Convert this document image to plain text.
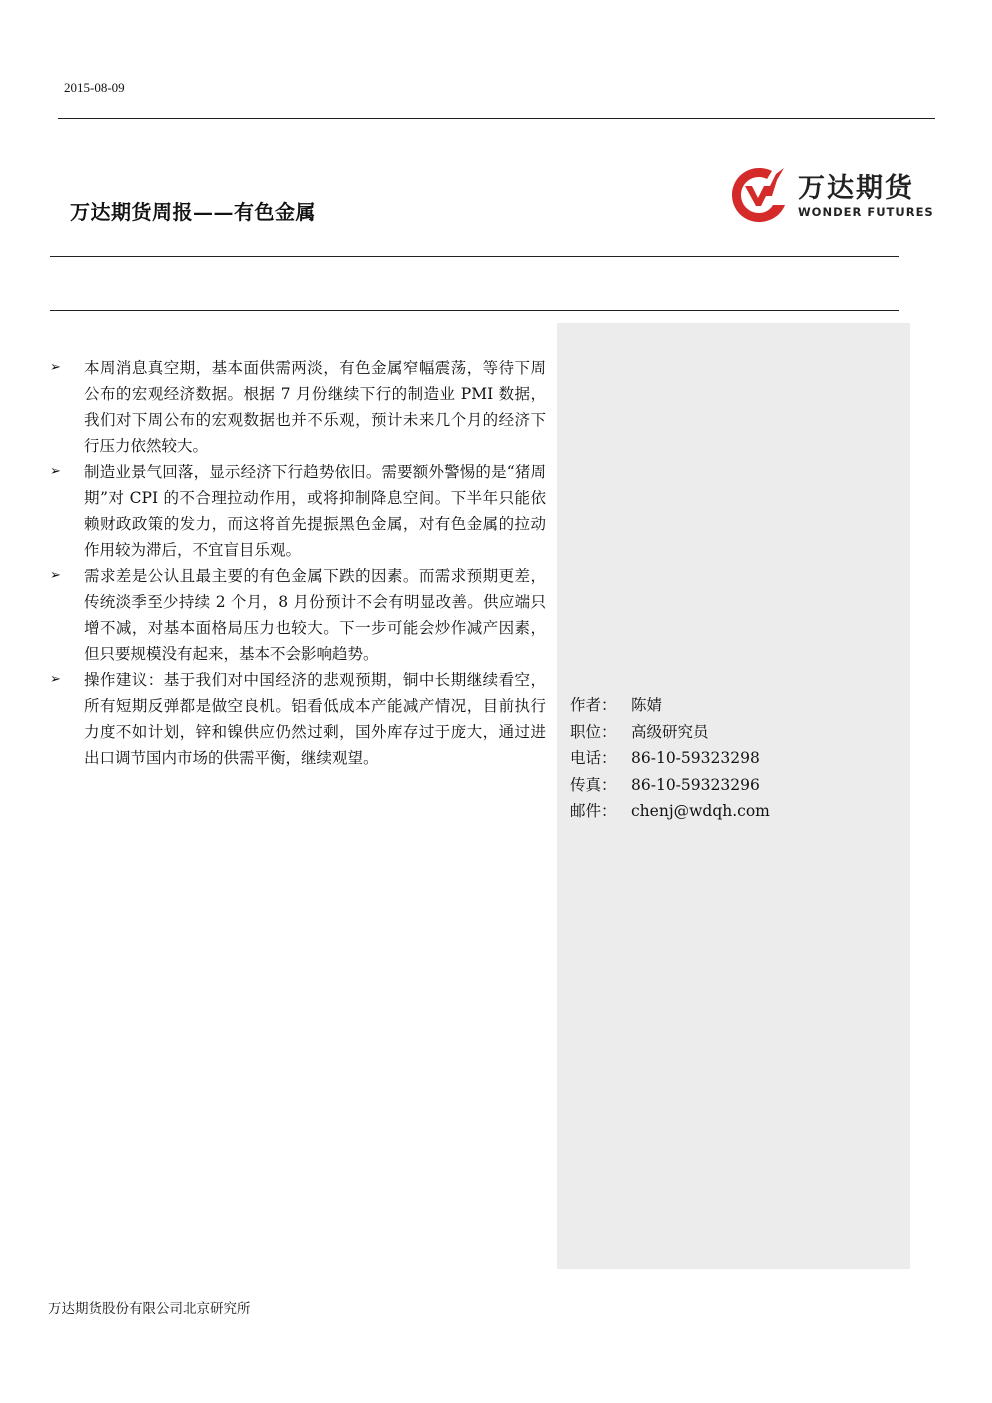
2015-08-09
万达期货周报——有色金属
万达期货
WONDER FUTURES
➢ 本周消息真空期，基本面供需两淡，有色金属窄幅震荡，等待下周公布的宏观经济数据。根据 7 月份继续下行的制造业 PMI 数据，我们对下周公布的宏观数据也并不乐观，预计未来几个月的经济下行压力依然较大。
➢ 制造业景气回落，显示经济下行趋势依旧。需要额外警惕的是“猪周期”对 CPI 的不合理拉动作用，或将抑制降息空间。下半年只能依赖财政政策的发力，而这将首先提振黑色金属，对有色金属的拉动作用较为滞后，不宜盲目乐观。
➢ 需求差是公认且最主要的有色金属下跌的因素。而需求预期更差，传统淡季至少持续 2 个月，8 月份预计不会有明显改善。供应端只增不减，对基本面格局压力也较大。下一步可能会炒作减产因素，但只要规模没有起来，基本不会影响趋势。
➢ 操作建议：基于我们对中国经济的悲观预期，铜中长期继续看空，所有短期反弹都是做空良机。铝看低成本产能减产情况，目前执行力度不如计划，锌和镍供应仍然过剩，国外库存过于庞大，通过进出口调节国内市场的供需平衡，继续观望。
作者： 陈婧
职位： 高级研究员
电话： 86-10-59323298
传真： 86-10-59323296
邮件： chenj@wdqh.com
万达期货股份有限公司北京研究所
